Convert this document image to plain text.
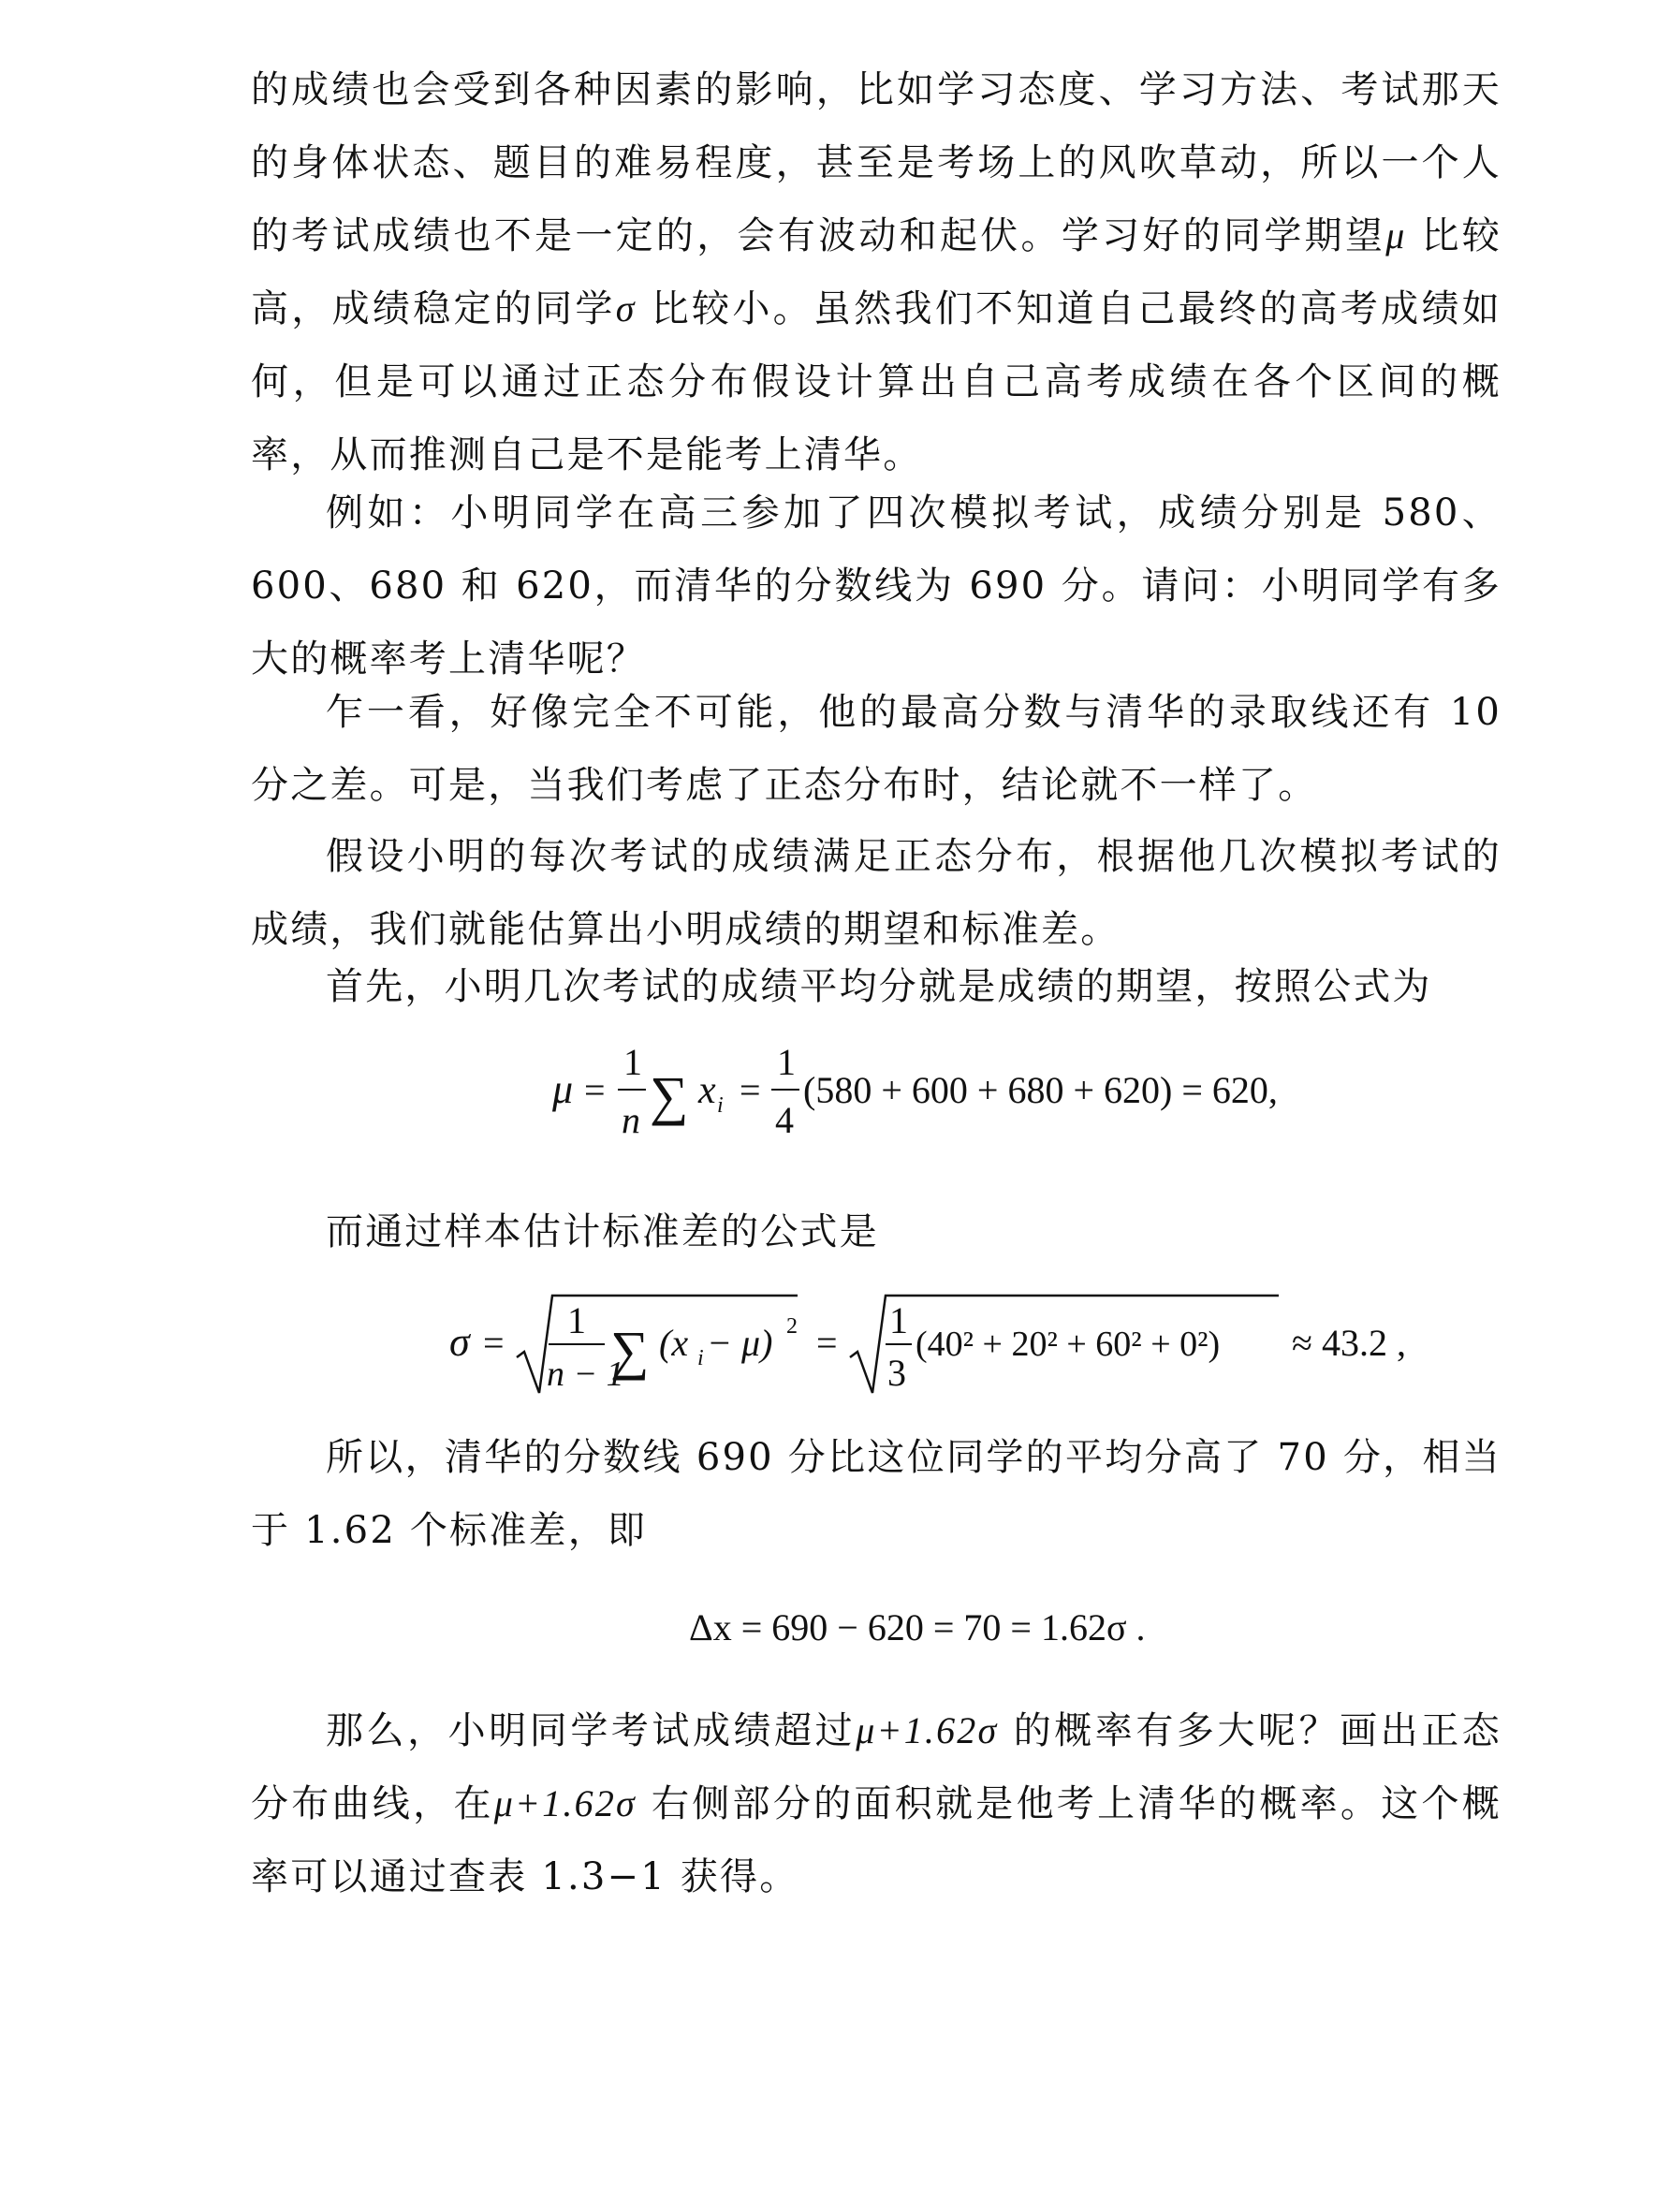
的成绩也会受到各种因素的影响，比如学习态度、学习方法、考试那天的身体状态、题目的难易程度，甚至是考场上的风吹草动，所以一个人的考试成绩也不是一定的，会有波动和起伏。学习好的同学期望μ 比较高，成绩稳定的同学σ 比较小。虽然我们不知道自己最终的高考成绩如何，但是可以通过正态分布假设计算出自己高考成绩在各个区间的概率，从而推测自己是不是能考上清华。

例如：小明同学在高三参加了四次模拟考试，成绩分别是 580、600、680 和 620，而清华的分数线为 690 分。请问：小明同学有多大的概率考上清华呢？

乍一看，好像完全不可能，他的最高分数与清华的录取线还有 10 分之差。可是，当我们考虑了正态分布时，结论就不一样了。

假设小明的每次考试的成绩满足正态分布，根据他几次模拟考试的成绩，我们就能估算出小明成绩的期望和标准差。

首先，小明几次考试的成绩平均分就是成绩的期望，按照公式为

μ =
1
n ∑ x i =
1
4
(580 + 600 + 680 + 620) = 620,

而通过样本估计标准差的公式是

σ =
1
n − 1
∑ (x i − μ) 2 =
1
3
(40² + 20² + 60² + 0²) ≈ 43.2 ,

所以，清华的分数线 690 分比这位同学的平均分高了 70 分，相当于 1.62 个标准差，即

Δx = 690 − 620 = 70 = 1.62σ .

那么，小明同学考试成绩超过μ+1.62σ 的概率有多大呢？画出正态分布曲线，在μ+1.62σ 右侧部分的面积就是他考上清华的概率。这个概率可以通过查表 1.3−1 获得。
